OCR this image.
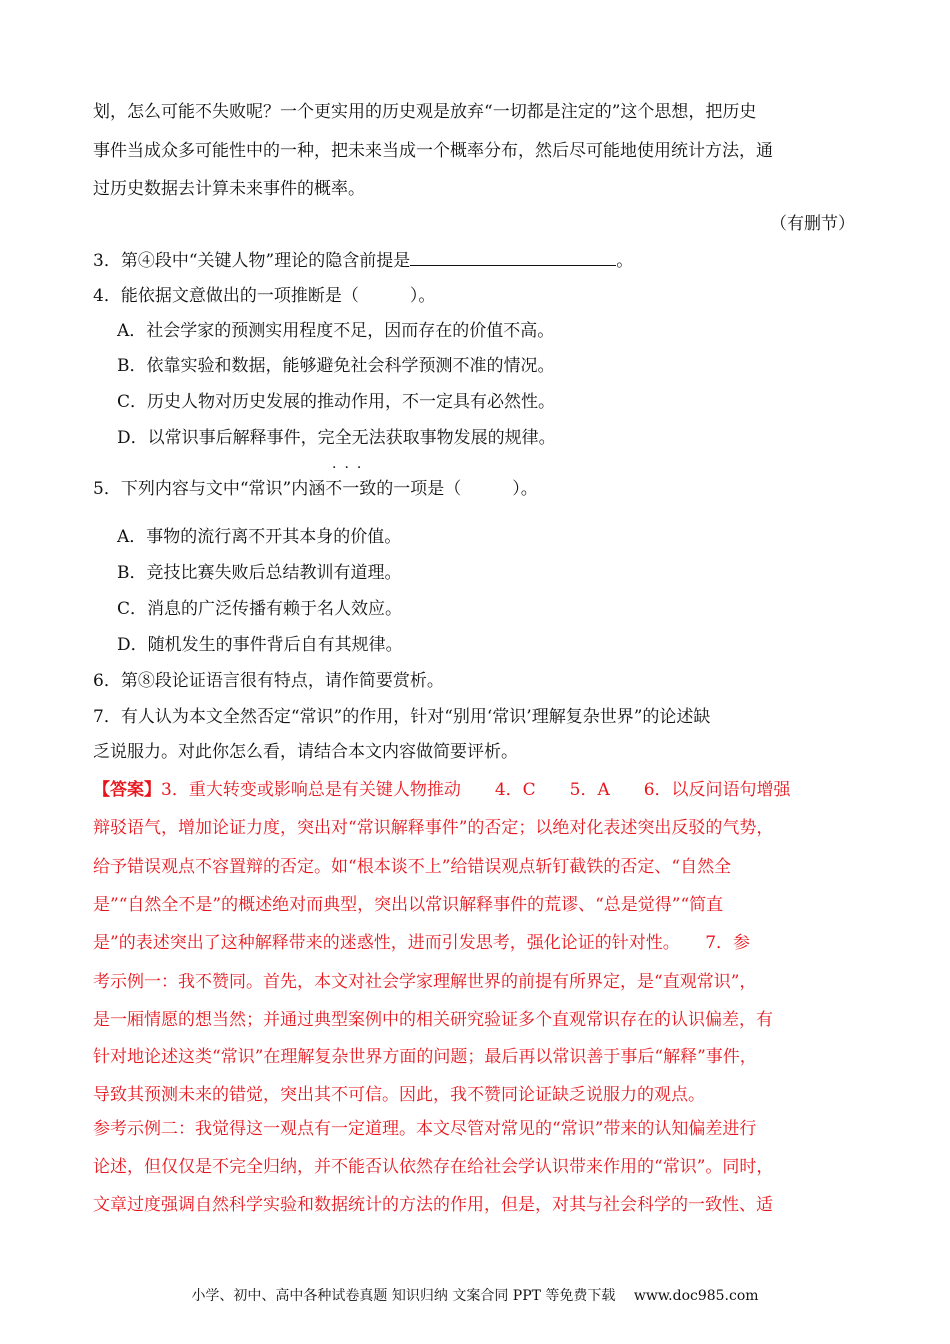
划，怎么可能不失败呢？一个更实用的历史观是放弃“一切都是注定的”这个思想，把历史
事件当成众多可能性中的一种，把未来当成一个概率分布，然后尽可能地使用统计方法，通
过历史数据去计算未来事件的概率。
（有删节）
3．第④段中“关键人物”理论的隐含前提是	。
4．能依据文意做出的一项推断是（　　　）。
A．社会学家的预测实用程度不足，因而存在的价值不高。
B．依靠实验和数据，能够避免社会科学预测不准的情况。
C．历史人物对历史发展的推动作用，不一定具有必然性。
D．以常识事后解释事件，完全无法获取事物发展的规律。
5．下列内容与文中“常识”内涵
···
不一致的一项是（　　　）。
A．事物的流行离不开其本身的价值。
B．竞技比赛失败后总结教训有道理。
C．消息的广泛传播有赖于名人效应。
D．随机发生的事件背后自有其规律。
6．第⑧段论证语言很有特点，请作简要赏析。
7．有人认为本文全然否定“常识”的作用，针对“别用‘常识’理解复杂世界”的论述缺
乏说服力。对此你怎么看，请结合本文内容做简要评析。
【答案】3．重大转变或影响总是有关键人物推动　　4．C　　5．A　　6．以反问语句增强
辩驳语气，增加论证力度，突出对“常识解释事件”的否定；以绝对化表述突出反驳的气势，
给予错误观点不容置辩的否定。如“根本谈不上”给错误观点斩钉截铁的否定、“自然全
是”“自然全不是”的概述绝对而典型，突出以常识解释事件的荒谬、“总是觉得”“简直
是”的表述突出了这种解释带来的迷惑性，进而引发思考，强化论证的针对性。　　7．参
考示例一：我不赞同。首先，本文对社会学家理解世界的前提有所界定，是“直观常识”，
是一厢情愿的想当然；并通过典型案例中的相关研究验证多个直观常识存在的认识偏差，有
针对地论述这类“常识”在理解复杂世界方面的问题；最后再以常识善于事后“解释”事件，
导致其预测未来的错觉，突出其不可信。因此，我不赞同论证缺乏说服力的观点。
参考示例二：我觉得这一观点有一定道理。本文尽管对常见的“常识”带来的认知偏差进行
论述，但仅仅是不完全归纳，并不能否认依然存在给社会学认识带来作用的“常识”。同时，
文章过度强调自然科学实验和数据统计的方法的作用，但是，对其与社会科学的一致性、适
小学、初中、高中各种试卷真题 知识归纳 文案合同 PPT 等免费下载　 www.doc985.com
